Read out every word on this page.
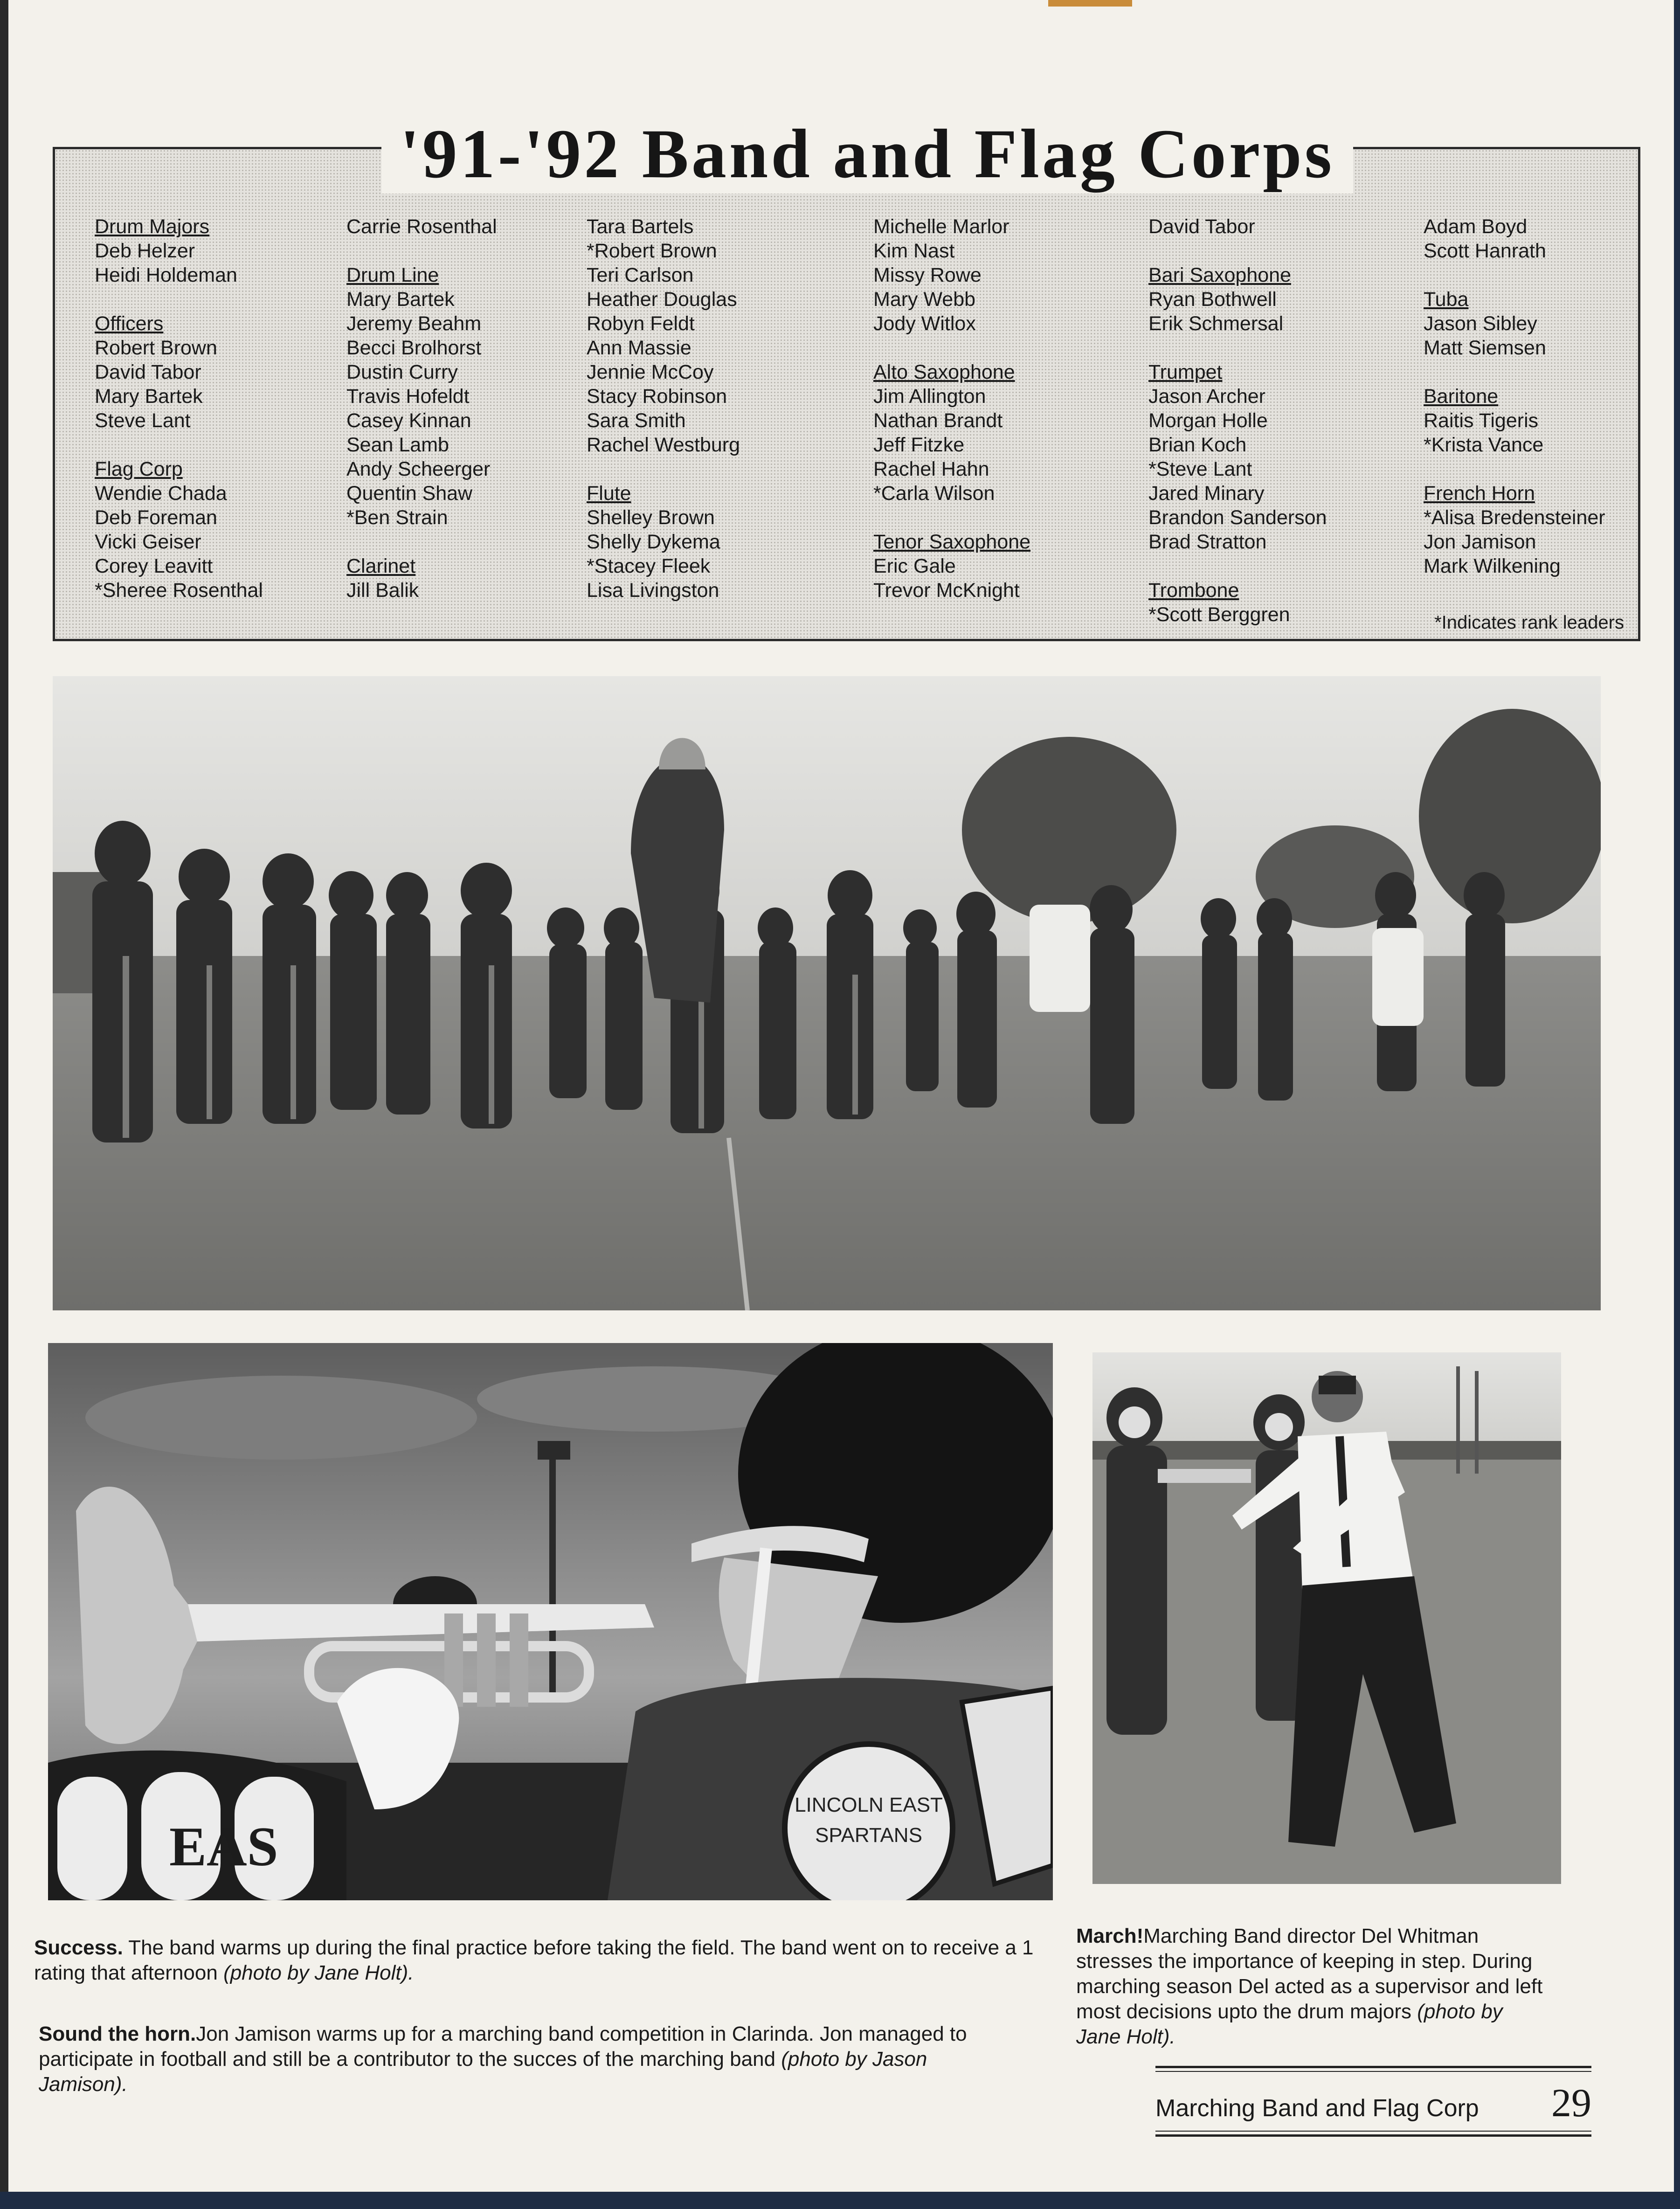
Drum Majors
Deb Helzer
Heidi Holdeman
Officers
Robert Brown
David Tabor
Mary Bartek
Steve Lant
Flag Corp
Wendie Chada
Deb Foreman
Vicki Geiser
Corey Leavitt
*Sheree Rosenthal
Carrie Rosenthal
Drum Line
Mary Bartek
Jeremy Beahm
Becci Brolhorst
Dustin Curry
Travis Hofeldt
Casey Kinnan
Sean Lamb
Andy Scheerger
Quentin Shaw
*Ben Strain
Clarinet
Jill Balik
Tara Bartels
*Robert Brown
Teri Carlson
Heather Douglas
Robyn Feldt
Ann Massie
Jennie McCoy
Stacy Robinson
Sara Smith
Rachel Westburg
Flute
Shelley Brown
Shelly Dykema
*Stacey Fleek
Lisa Livingston
Michelle Marlor
Kim Nast
Missy Rowe
Mary Webb
Jody Witlox
Alto Saxophone
Jim Allington
Nathan Brandt
Jeff Fitzke
Rachel Hahn
*Carla Wilson
Tenor Saxophone
Eric Gale
Trevor McKnight
David Tabor
Bari Saxophone
Ryan Bothwell
Erik Schmersal
Trumpet
Jason Archer
Morgan Holle
Brian Koch
*Steve Lant
Jared Minary
Brandon Sanderson
Brad Stratton
Trombone
*Scott Berggren
Adam Boyd
Scott Hanrath
Tuba
Jason Sibley
Matt Siemsen
Baritone
Raitis Tigeris
*Krista Vance
French Horn
*Alisa Bredensteiner
Jon Jamison
Mark Wilkening
*Indicates rank leaders
'91-'92 Band and Flag Corps
LINCOLN EAST
SPARTANS
EAS
Success. The band warms up during the final practice before taking the field. The band went on to receive a 1 rating that afternoon (photo by Jane Holt).
Sound the horn.Jon Jamison warms up for a marching band competition in Clarinda. Jon managed to participate in football and still be a contributor to the succes of the marching band (photo by Jason Jamison).
March!Marching Band director Del Whitman stresses the importance of keeping in step. During marching season Del acted as a supervisor and left most decisions upto the drum majors (photo by Jane Holt).
Marching Band and Flag Corp 29
